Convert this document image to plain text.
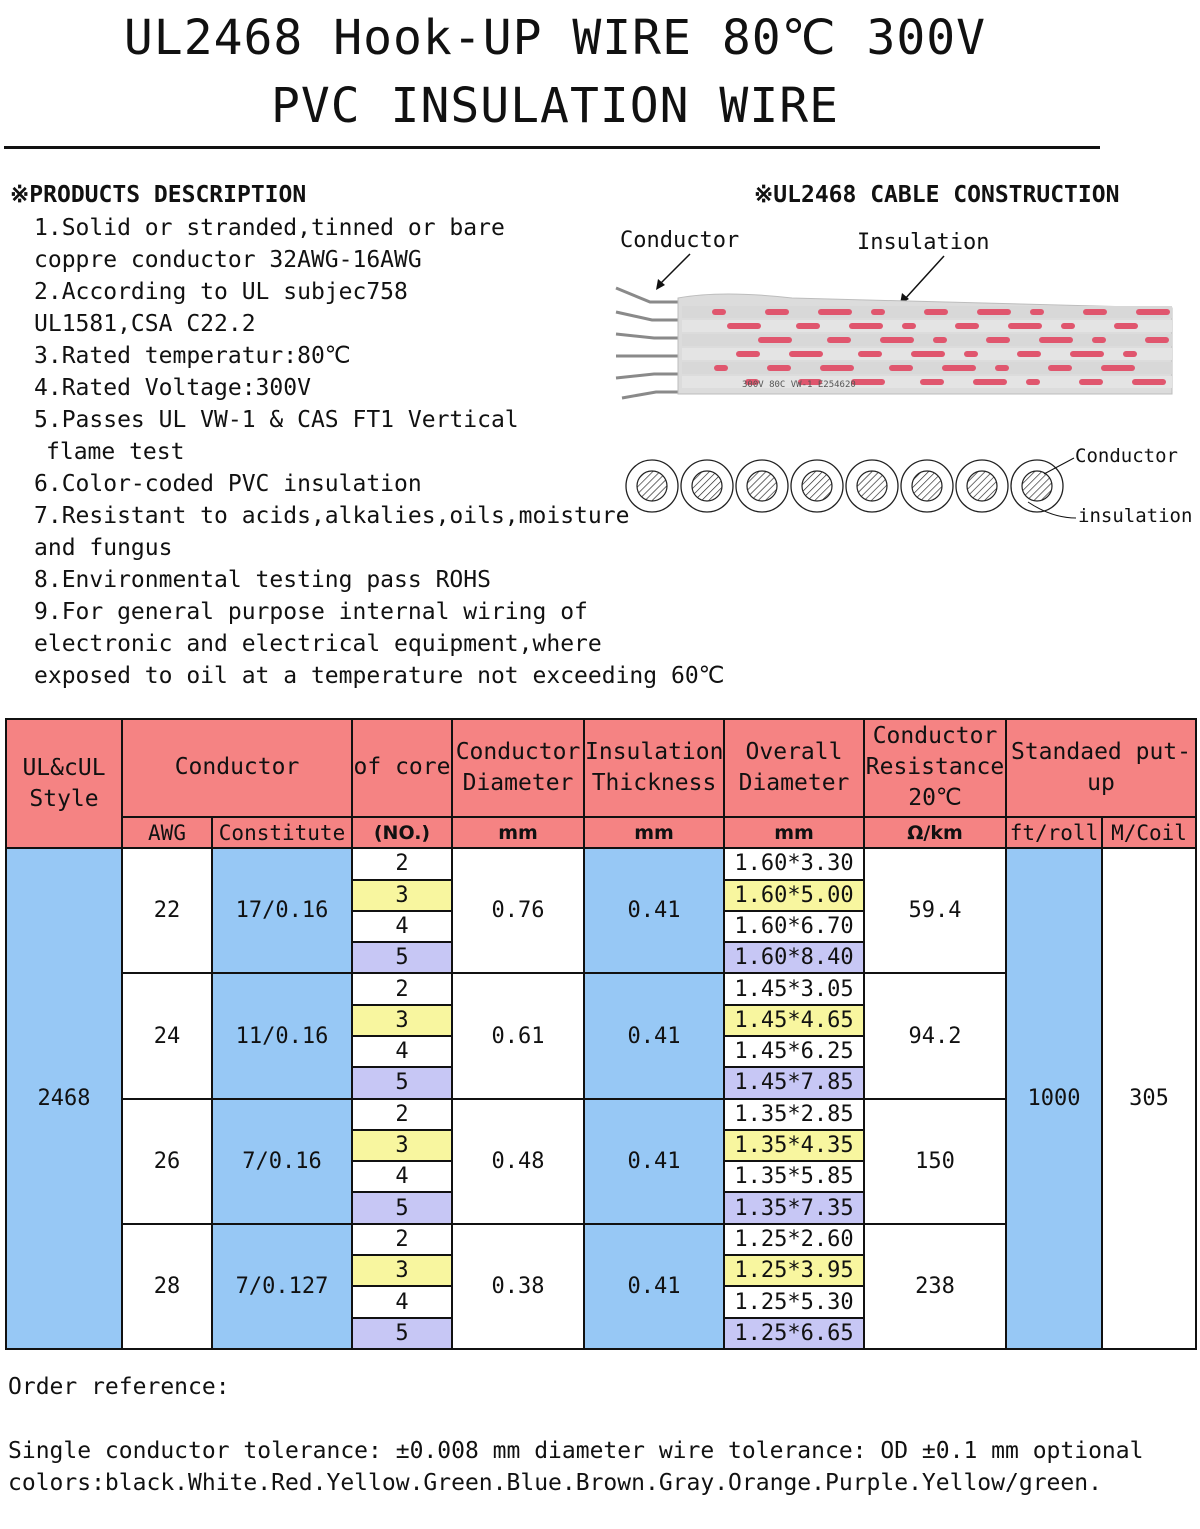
UL2468 Hook-UP WIRE 80℃ 300V
PVC INSULATION WIRE
※PRODUCTS DESCRIPTION	※UL2468 CABLE CONSTRUCTION
1.Solid or stranded,tinned or bare
coppre conductor 32AWG-16AWG
2.According to UL subjec758
UL1581,CSA C22.2
3.Rated temperatur:80℃
4.Rated Voltage:300V
5.Passes UL VW-1 & CAS FT1 Vertical
flame test
6.Color-coded PVC insulation
7.Resistant to acids,alkalies,oils,moisture
and fungus
8.Environmental testing pass ROHS
9.For general purpose internal wiring of
electronic and electrical equipment,where
exposed to oil at a temperature not exceeding 60℃
Conductor	Insulation
300V 80C VW-1 E254620
Conductor
insulation
UL&cUL Style	Conductor		of core	Conductor Diameter	Insulation Thickness	Overall Diameter	Conductor Resistance 20℃	Standaed put-up	
	AWG	Constitute	(NO.)	mm	mm	mm	Ω/km	ft/roll	M/Coil
2468	22	17/0.16	2	0.76	0.41	1.60*3.30	59.4	1000	305
			3			1.60*5.00			
			4			1.60*6.70			
			5			1.60*8.40			
	24	11/0.16	2	0.61	0.41	1.45*3.05	94.2		
			3			1.45*4.65			
			4			1.45*6.25			
			5			1.45*7.85			
	26	7/0.16	2	0.48	0.41	1.35*2.85	150		
			3			1.35*4.35			
			4			1.35*5.85			
			5			1.35*7.35			
	28	7/0.127	2	0.38	0.41	1.25*2.60	238		
			3			1.25*3.95			
			4			1.25*5.30			
			5			1.25*6.65			
Order reference:
Single conductor tolerance: ±0.008 mm diameter wire tolerance: OD ±0.1 mm optional
colors:black.White.Red.Yellow.Green.Blue.Brown.Gray.Orange.Purple.Yellow/green.
